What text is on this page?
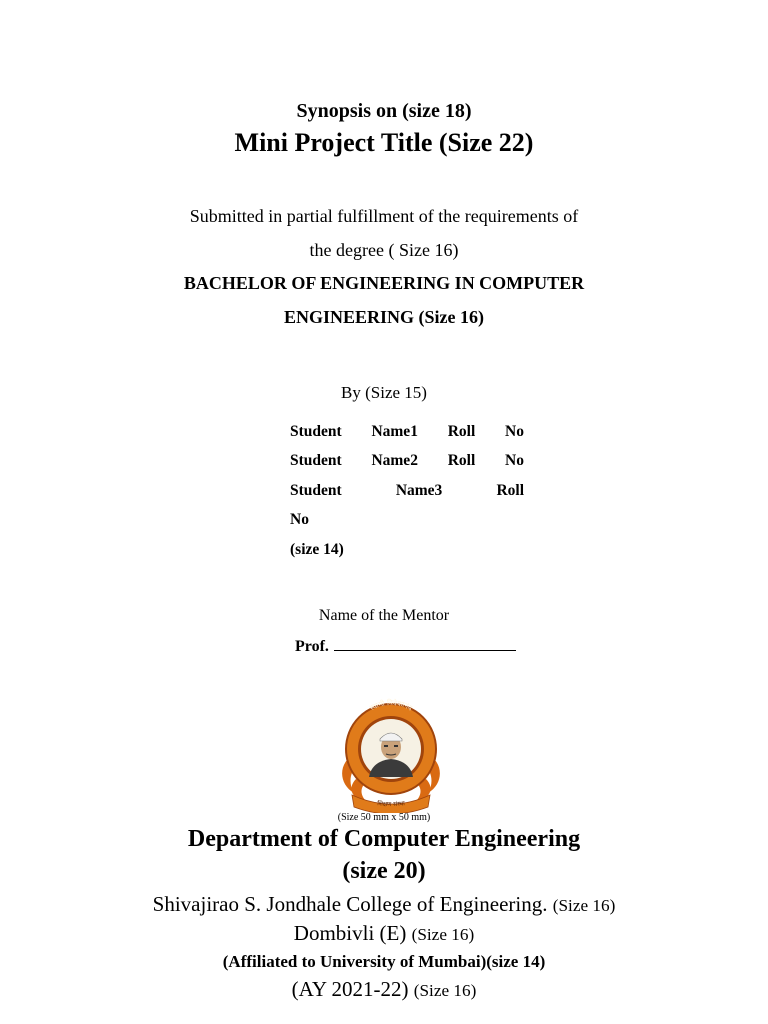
Synopsis on (size 18)
Mini Project Title (Size 22)
Submitted in partial fulfillment of the requirements of
the degree ( Size 16)
BACHELOR OF ENGINEERING IN COMPUTER
ENGINEERING (Size 16)
By (Size 15)
Student Name1 Roll No
Student Name2 Roll No
Student	Name3	Roll
No
(size 14)
Name of the Mentor
Prof.
स्वामी विवेकानंद
शिक्षण संस्था
(Size 50 mm x 50 mm)
Department of Computer Engineering
(size 20)
Shivajirao S. Jondhale College of Engineering. (Size 16)
Dombivli (E) (Size 16)
(Affiliated to University of Mumbai)(size 14)
(AY 2021-22) (Size 16)
